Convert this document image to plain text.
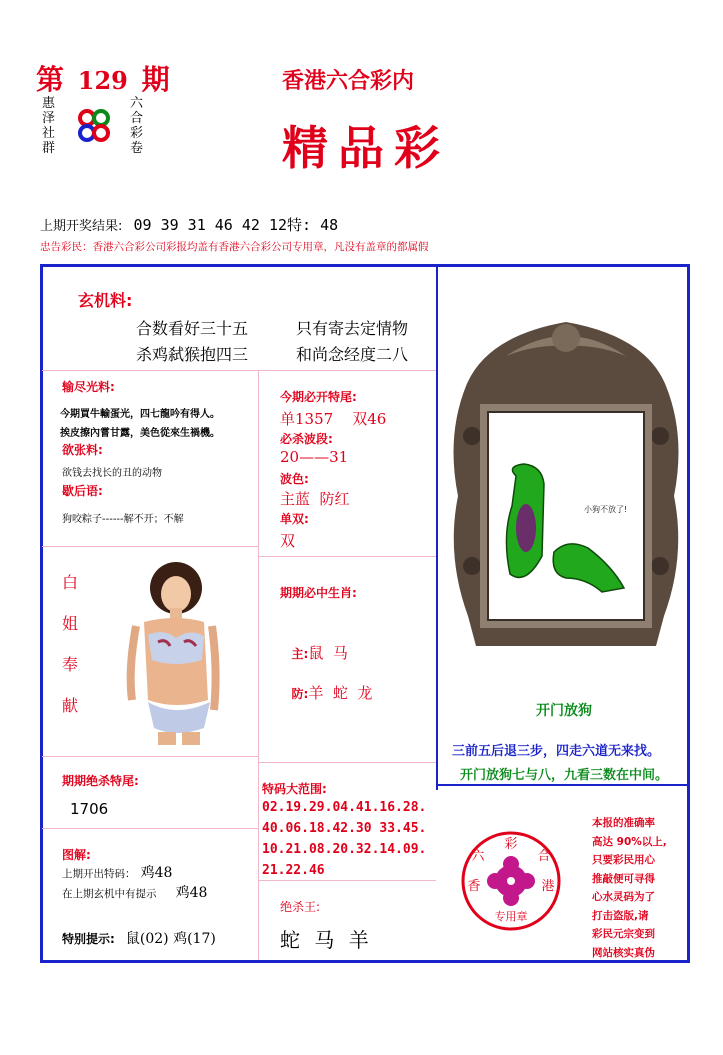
第 129 期
惠泽社群
六合彩卷
香港六合彩内
精品彩
上期开奖结果: 09 39 31 46 42 12特: 48
忠告彩民：香港六合彩公司彩报均盖有香港六合彩公司专用章，凡没有盖章的都属假
玄机料:
合数看好三十五	只有寄去定情物
杀鸡弑猴抱四三	和尚念经度二八
输尽光料:
今期買牛輸蛋光，四七龍吟有得人。
挨皮擦內嘗甘露，美色從來生禍機。
欲张料:
欲钱去找长的丑的动物
歇后语:
狗咬粽子------解不开；不解
今期必开特尾:
单1357    双46
必杀波段:
20——31
波色:
主蓝  防红
单双:
双
白姐奉献
期期必中生肖:

主:鼠  马

防:羊  蛇  龙

小狗不放了!
开门放狗
三前五后退三步，四走六道无来找。
开门放狗七与八，九看三数在中间。
期期绝杀特尾:
1706
特码大范围:
02.19.29.04.41.16.28.
40.06.18.42.30 33.45.
10.21.08.20.32.14.09.
21.22.46
图解:
上期开出特码： 鸡48
在上期玄机中有提示 鸡48
特别提示: 鼠(02) 鸡(17)
绝杀王:
蛇 马 羊
彩
六	合
香	港
专用章
本报的准确率
高达 90%以上,
只要彩民用心
推敲便可寻得
心水灵码为了
打击盗版,请
彩民元宗变到
网站核实真伪
